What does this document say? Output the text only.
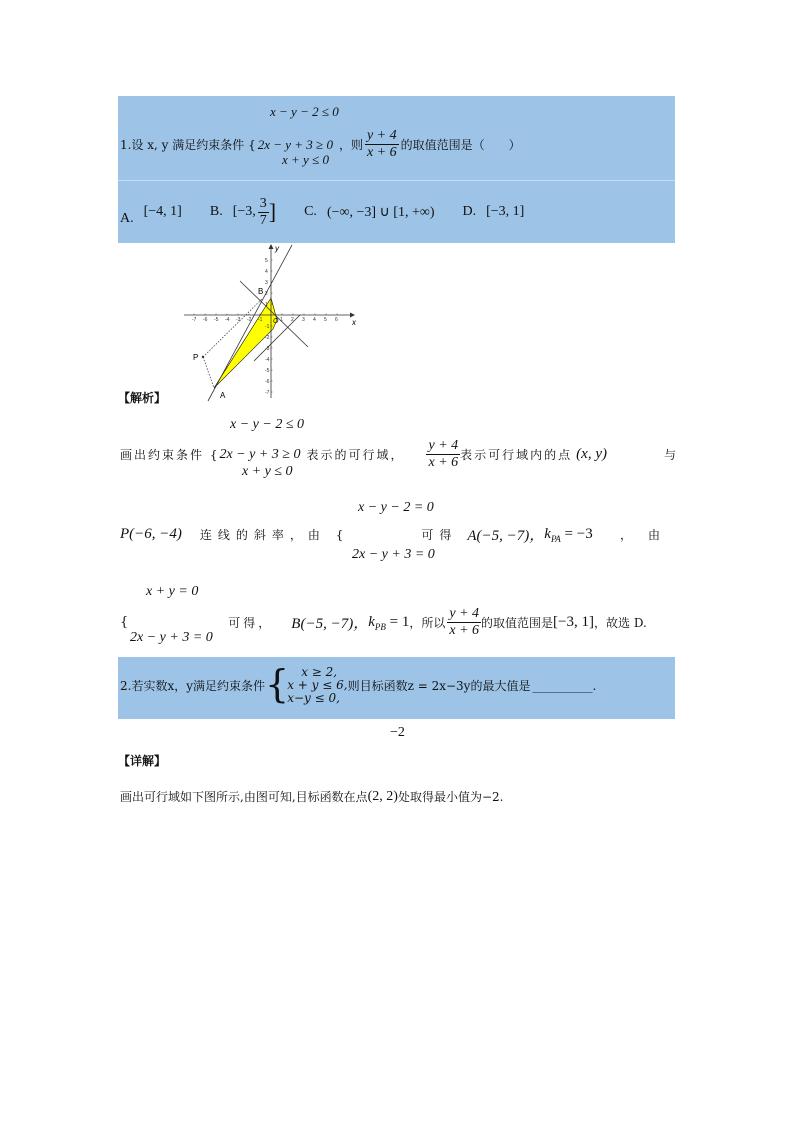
x − y − 2 ≤ 0
1.设 x, y 满足约束条件 { 2x − y + 3 ≥ 0 ，则 $\frac{y + 4}{x + 6}$ 的取值范围是（　　）
x + y ≤ 0
A. [−4, 1] B. [−3, $\frac{3}{7}$ ] C. (−∞, −3] ∪ [1, +∞) D. [−3, 1]
x
y
B
O
P
A
-7 -6 -5 -4 -3 -2 -1	1 2 3 4 5 6
5
4
3
2
1
-1
-2
-3
-4
-5
-6
-7
【解析】
x − y − 2 ≤ 0
画出约束条件 { 2x − y + 3 ≥ 0 表示的可行域， $\frac{y + 4}{x + 6}$ 表示可行域内的点 (x, y)	与
x + y ≤ 0
x − y − 2 = 0
P(−6, −4) 连线的斜率，由 {	可得 A(−5, −7)， $k_{PA} = -3$ ，由
2x − y + 3 = 0
x + y = 0
{	可得， B(−5, −7)， $k_{PB} = 1$ ，所以 $\frac{y + 4}{x + 6}$ 的取值范围是 [−3, 1] ，故选 D.
2x − y + 3 = 0
2.若实数x，y满足约束条件 {	x ≥ 2,
x + y ≤ 6,
x−y ≤ 0,
则目标函数z = 2x−3y的最大值是 __________ .
−2
【详解】
画出可行域如下图所示,由图可知,目标函数在点 (2, 2) 处取得最小值为−2.
